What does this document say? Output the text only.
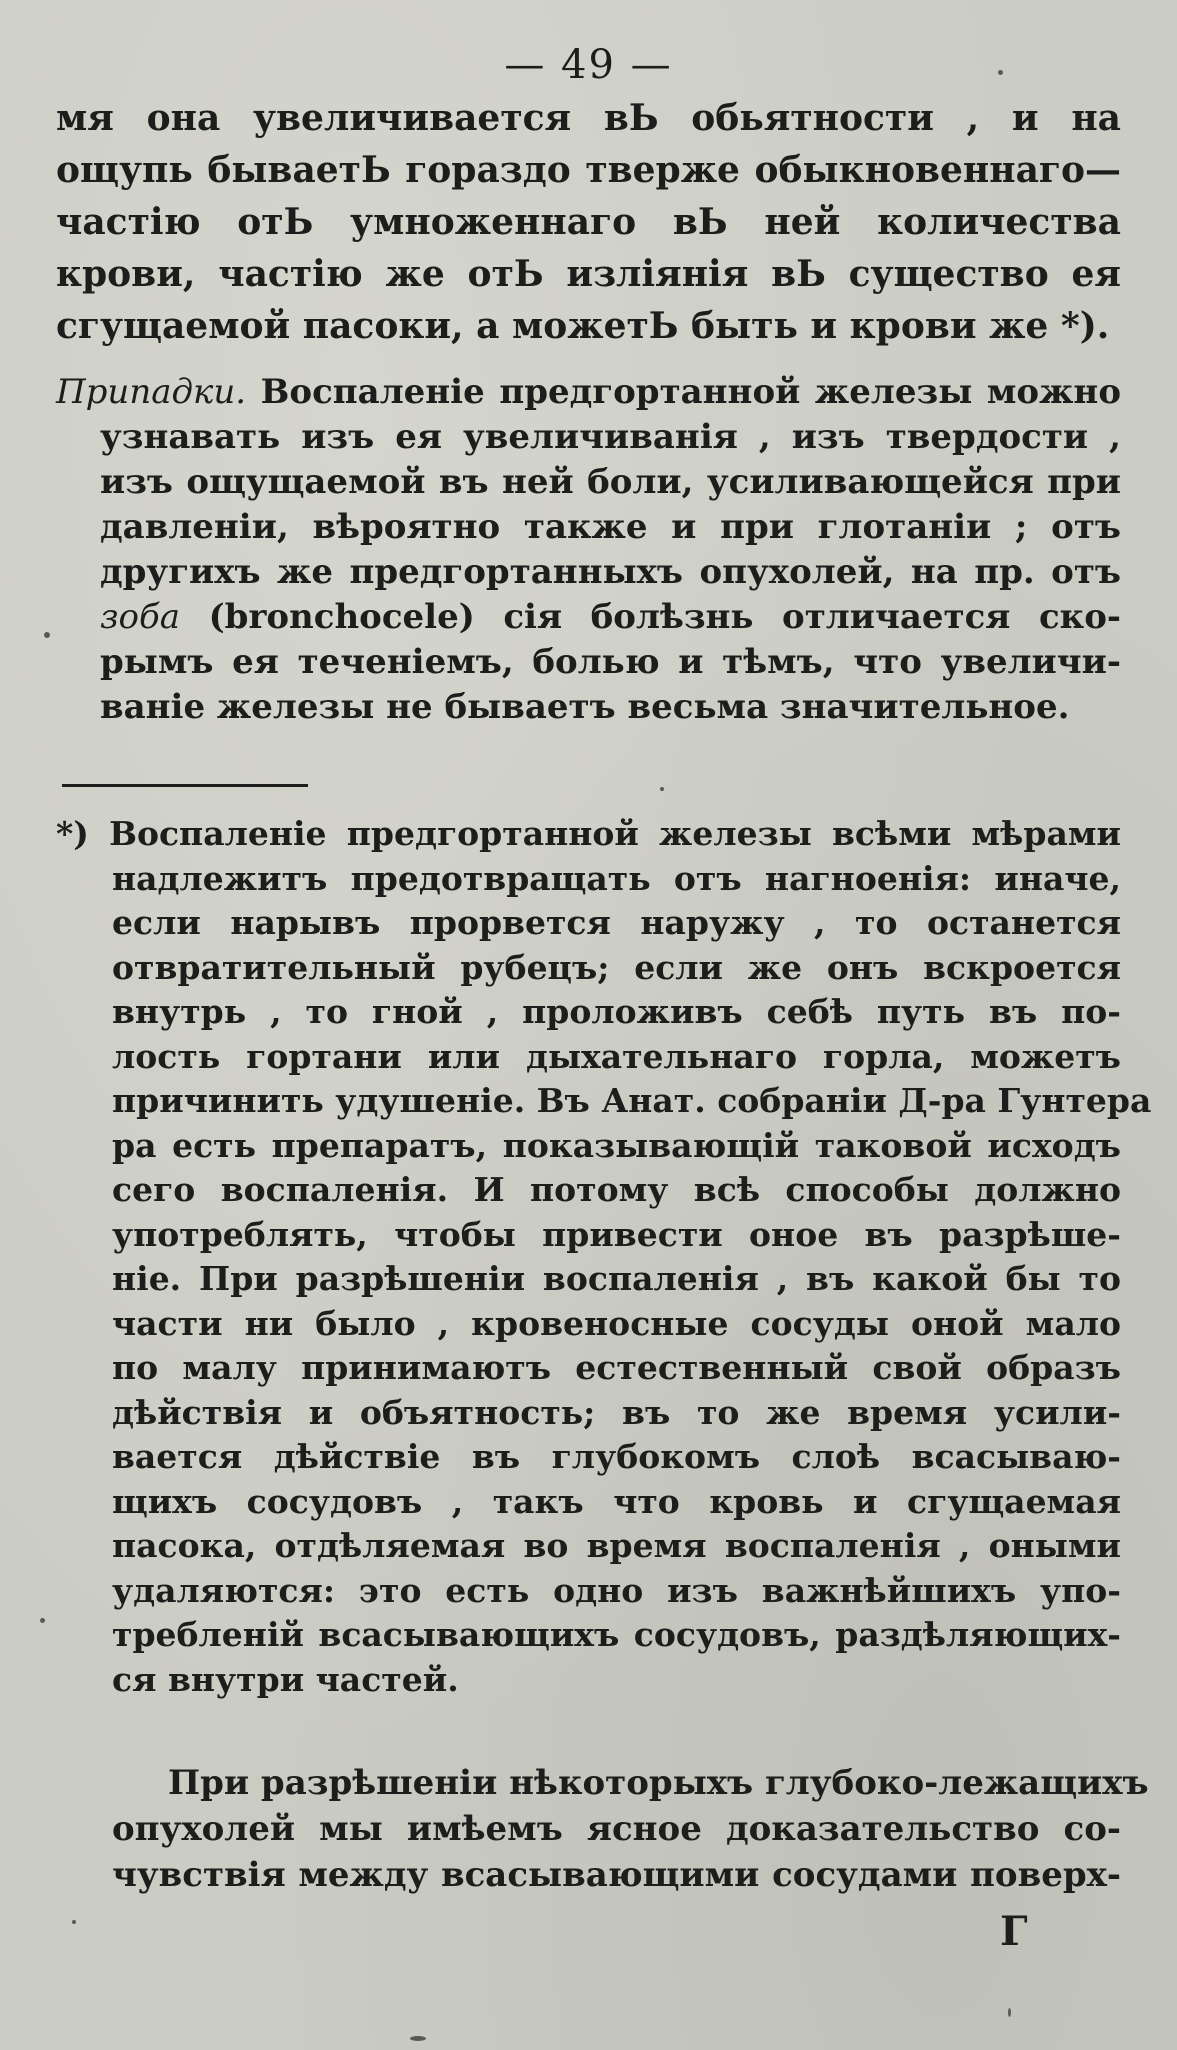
— 49 —
мя она увеличивается вЬ обьятности , и на
ощупь бываетЬ гораздо тверже обыкновеннаго—
частію отЬ умноженнаго вЬ ней количества
крови, частію же отЬ изліянія вЬ существо ея
сгущаемой пасоки, а можетЬ быть и крови же *).
Припадки. Воспаленіе предгортанной железы можно
узнавать изъ ея увеличиванія , изъ твердости ,
изъ ощущаемой въ ней боли, усиливающейся при
давленіи, вѣроятно также и при глотаніи ; отъ
другихъ же предгортанныхъ опухолей, на пр. отъ
зоба (bronchocele) сія болѣзнь отличается ско-
рымъ ея теченіемъ, болью и тѣмъ, что увеличи-
ваніе железы не бываетъ весьма значительное.
*) Воспаленіе предгортанной железы всѣми мѣрами
надлежитъ предотвращать отъ нагноенія: иначе,
если нарывъ прорвется наружу , то останется
отвратительный рубецъ; если же онъ вскроется
внутрь , то гной , проложивъ себѣ путь въ по-
лость гортани или дыхательнаго горла, можетъ
причинить удушеніе. Въ Анат. собраніи Д-ра Гунтера
ра есть препаратъ, показывающій таковой исходъ
сего воспаленія. И потому всѣ способы должно
употреблять, чтобы привести оное въ разрѣше-
ніе. При разрѣшеніи воспаленія , въ какой бы то
части ни было , кровеносные сосуды оной мало
по малу принимаютъ естественный свой образъ
дѣйствія и объятность; въ то же время усили-
вается дѣйствіе въ глубокомъ слоѣ всасываю-
щихъ сосудовъ , такъ что кровь и сгущаемая
пасока, отдѣляемая во время воспаленія , оными
удаляются: это есть одно изъ важнѣйшихъ упо-
требленій всасывающихъ сосудовъ, раздѣляющих-
ся внутри частей.
При разрѣшеніи нѣкоторыхъ глубоко-лежащихъ
опухолей мы имѣемъ ясное доказательство со-
чувствія между всасывающими сосудами поверх-
Г
